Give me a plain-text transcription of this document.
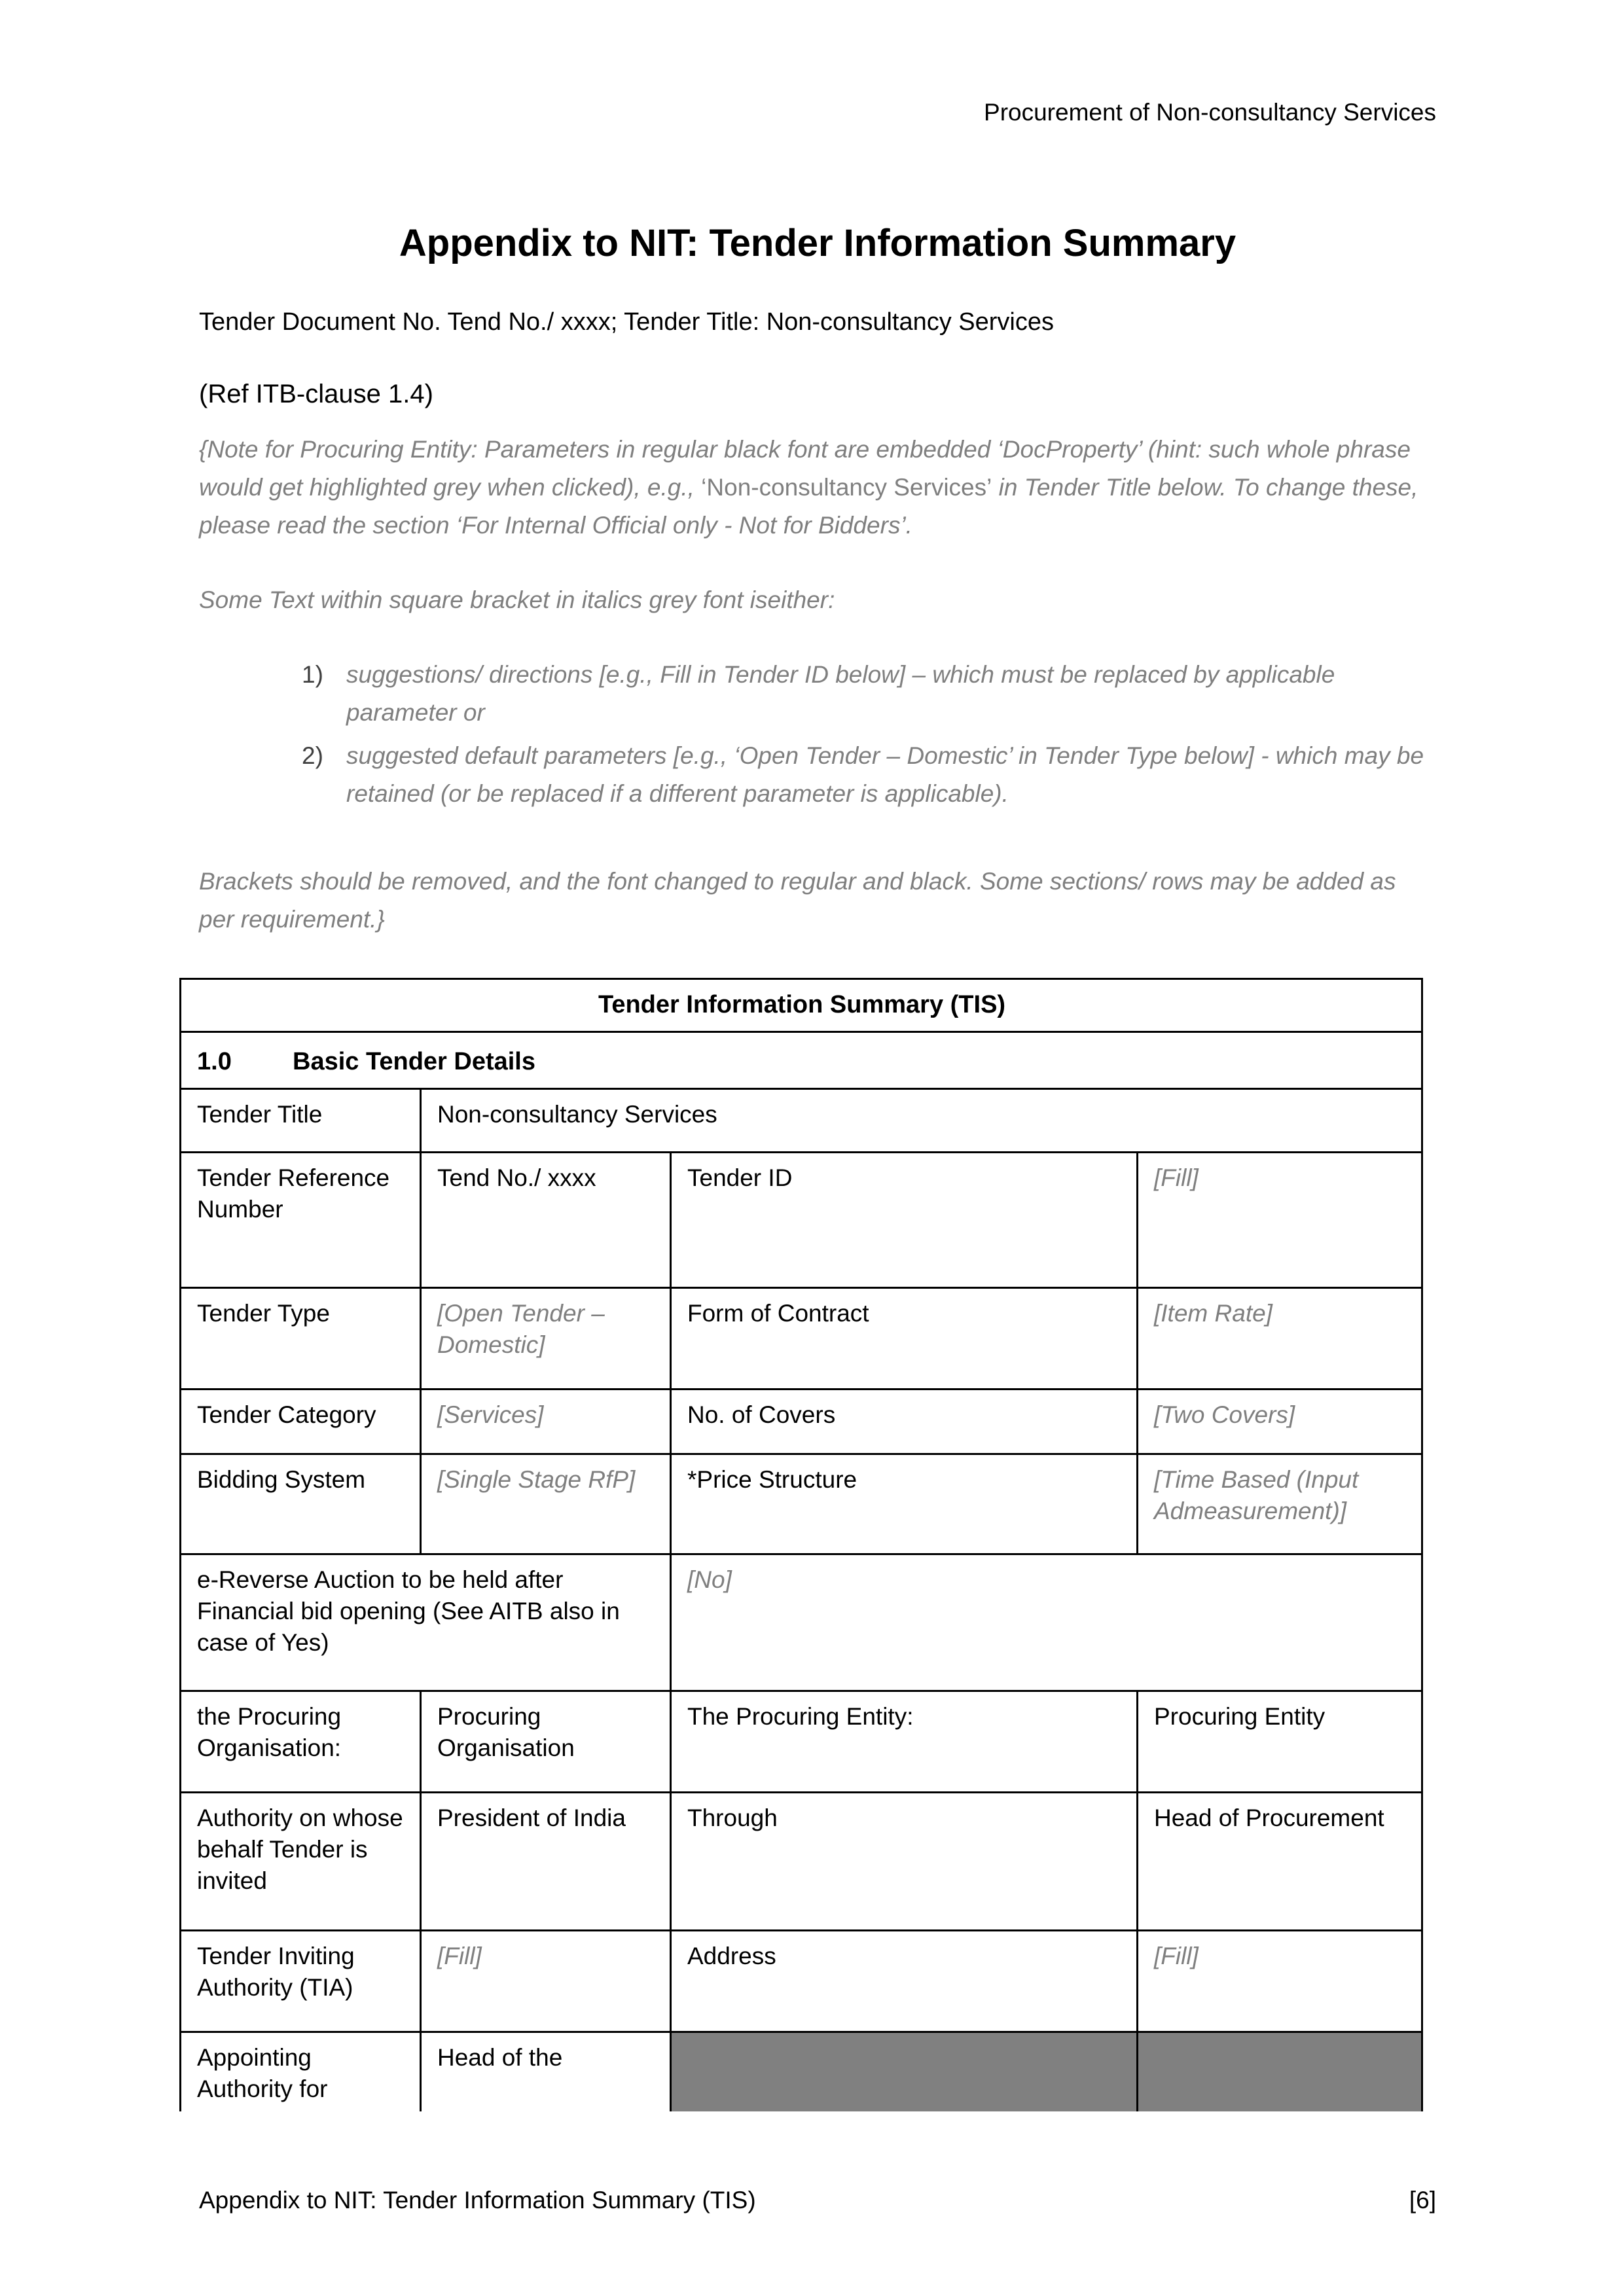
Procurement of Non-consultancy Services
Appendix to NIT: Tender Information Summary

Tender Document No. Tend No./ xxxx; Tender Title: Non-consultancy Services

(Ref ITB-clause 1.4)

{Note for Procuring Entity: Parameters in regular black font are embedded ‘DocProperty’ (hint: such whole phrase would get highlighted grey when clicked), e.g., ‘Non-consultancy Services’ in Tender Title below. To change these, please read the section ‘For Internal Official only - Not for Bidders’.

Some Text within square bracket in italics grey font iseither:

1) suggestions/ directions [e.g., Fill in Tender ID below] – which must be replaced by applicable parameter or
2) suggested default parameters [e.g., ‘Open Tender – Domestic’ in Tender Type below] - which may be retained (or be replaced if a different parameter is applicable).

Brackets should be removed, and the font changed to regular and black. Some sections/ rows may be added as per requirement.}

Tender Information Summary (TIS)			
1.0 Basic Tender Details			
Tender Title	Non-consultancy Services		
Tender Reference Number	Tend No./ xxxx	Tender ID	[Fill]
Tender Type	[Open Tender – Domestic]	Form of Contract	[Item Rate]
Tender Category	[Services]	No. of Covers	[Two Covers]
Bidding System	[Single Stage RfP]	*Price Structure	[Time Based (Input Admeasurement)]
e-Reverse Auction to be held after Financial bid opening (See AITB also in case of Yes)		[No]	
the Procuring Organisation:	Procuring Organisation	The Procuring Entity:	Procuring Entity
Authority on whose behalf Tender is invited	President of India	Through	Head of Procurement
Tender Inviting Authority (TIA)	[Fill]	Address	[Fill]

Appointing Authority for	Head of the		

Appendix to NIT: Tender Information Summary (TIS)	[6]
